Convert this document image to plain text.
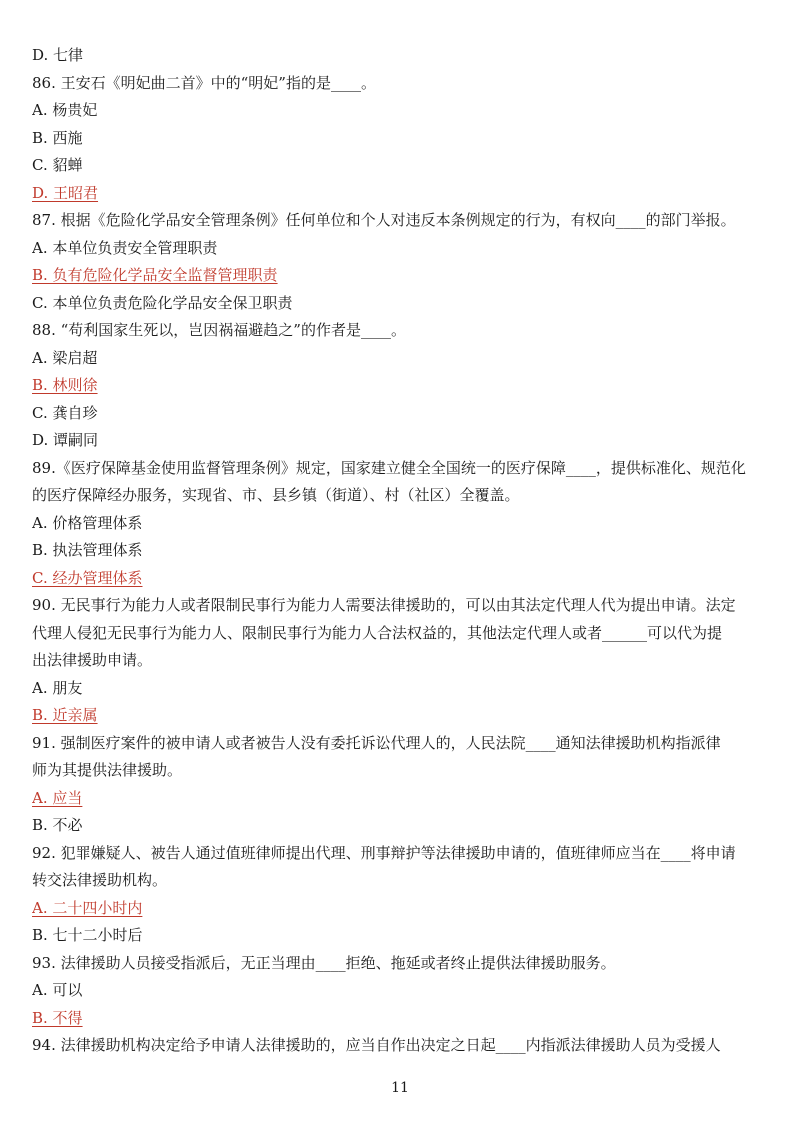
D. 七律
86. 王安石《明妃曲二首》中的“明妃”指的是____。
A. 杨贵妃
B. 西施
C. 貂蝉
D. 王昭君
87. 根据《危险化学品安全管理条例》任何单位和个人对违反本条例规定的行为，有权向____的部门举报。
A. 本单位负责安全管理职责
B. 负有危险化学品安全监督管理职责
C. 本单位负责危险化学品安全保卫职责
88. “苟利国家生死以，岂因祸福避趋之”的作者是____。
A. 梁启超
B. 林则徐
C. 龚自珍
D. 谭嗣同
89.《医疗保障基金使用监督管理条例》规定，国家建立健全全国统一的医疗保障____，提供标准化、规范化
的医疗保障经办服务，实现省、市、县乡镇（街道）、村（社区）全覆盖。
A. 价格管理体系
B. 执法管理体系
C. 经办管理体系
90. 无民事行为能力人或者限制民事行为能力人需要法律援助的，可以由其法定代理人代为提出申请。法定
代理人侵犯无民事行为能力人、限制民事行为能力人合法权益的，其他法定代理人或者______可以代为提
出法律援助申请。
A. 朋友
B. 近亲属
91. 强制医疗案件的被申请人或者被告人没有委托诉讼代理人的，人民法院____通知法律援助机构指派律
师为其提供法律援助。
A. 应当
B. 不必
92. 犯罪嫌疑人、被告人通过值班律师提出代理、刑事辩护等法律援助申请的，值班律师应当在____将申请
转交法律援助机构。
A. 二十四小时内
B. 七十二小时后
93. 法律援助人员接受指派后，无正当理由____拒绝、拖延或者终止提供法律援助服务。
A. 可以
B. 不得
94. 法律援助机构决定给予申请人法律援助的，应当自作出决定之日起____内指派法律援助人员为受援人
11
